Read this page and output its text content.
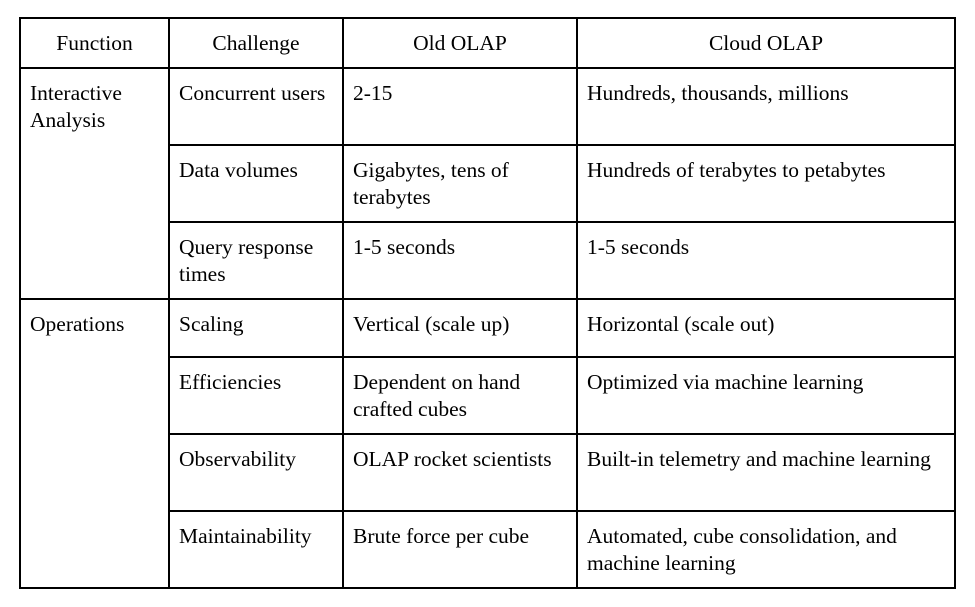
Function	Challenge	Old OLAP	Cloud OLAP
Interactive Analysis	Concurrent users	2-15	Hundreds, thousands, millions
	Data volumes	Gigabytes, tens of terabytes	Hundreds of terabytes to petabytes
	Query response times	1-5 seconds	1-5 seconds
Operations	Scaling	Vertical (scale up)	Horizontal (scale out)
	Efficiencies	Dependent on hand crafted cubes	Optimized via machine learning
	Observability	OLAP rocket scientists	Built-in telemetry and machine learning
	Maintainability	Brute force per cube	Automated, cube consolidation, and machine learning
